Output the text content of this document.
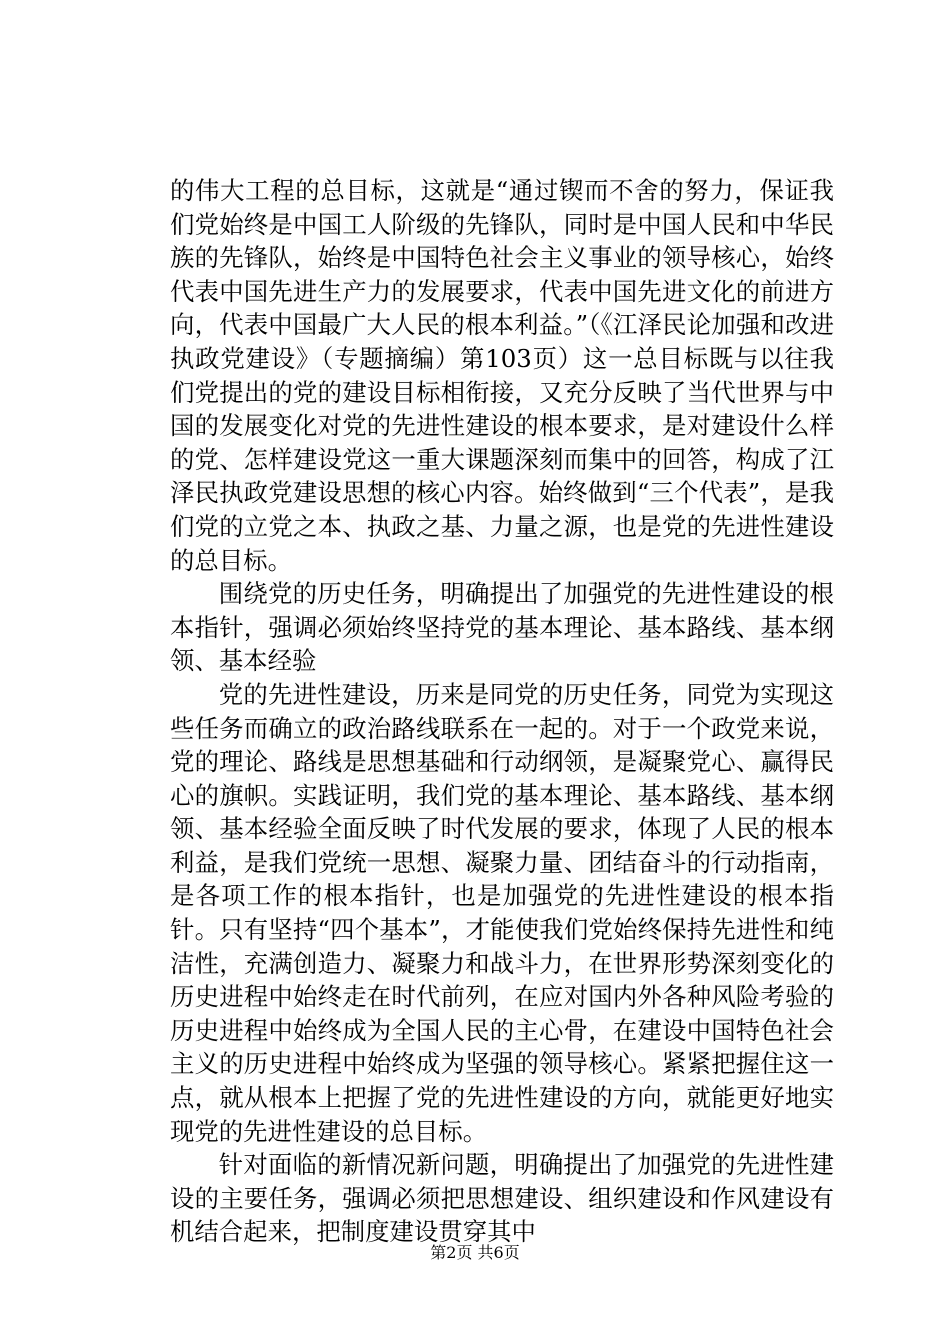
的伟大工程的总目标，这就是“通过锲而不舍的努力，保证我们党始终是中国工人阶级的先锋队，同时是中国人民和中华民族的先锋队，始终是中国特色社会主义事业的领导核心，始终代表中国先进生产力的发展要求，代表中国先进文化的前进方向，代表中国最广大人民的根本利益。”（《江泽民论加强和改进执政党建设》（专题摘编）第103页）这一总目标既与以往我们党提出的党的建设目标相衔接，又充分反映了当代世界与中国的发展变化对党的先进性建设的根本要求，是对建设什么样的党、怎样建设党这一重大课题深刻而集中的回答，构成了江泽民执政党建设思想的核心内容。始终做到“三个代表”，是我们党的立党之本、执政之基、力量之源，也是党的先进性建设的总目标。

围绕党的历史任务，明确提出了加强党的先进性建设的根本指针，强调必须始终坚持党的基本理论、基本路线、基本纲领、基本经验

党的先进性建设，历来是同党的历史任务，同党为实现这些任务而确立的政治路线联系在一起的。对于一个政党来说，党的理论、路线是思想基础和行动纲领，是凝聚党心、赢得民心的旗帜。实践证明，我们党的基本理论、基本路线、基本纲领、基本经验全面反映了时代发展的要求，体现了人民的根本利益，是我们党统一思想、凝聚力量、团结奋斗的行动指南，是各项工作的根本指针，也是加强党的先进性建设的根本指针。只有坚持“四个基本”，才能使我们党始终保持先进性和纯洁性，充满创造力、凝聚力和战斗力，在世界形势深刻变化的历史进程中始终走在时代前列，在应对国内外各种风险考验的历史进程中始终成为全国人民的主心骨，在建设中国特色社会主义的历史进程中始终成为坚强的领导核心。紧紧把握住这一点，就从根本上把握了党的先进性建设的方向，就能更好地实现党的先进性建设的总目标。

针对面临的新情况新问题，明确提出了加强党的先进性建设的主要任务，强调必须把思想建设、组织建设和作风建设有机结合起来，把制度建设贯穿其中

第2页 共6页
